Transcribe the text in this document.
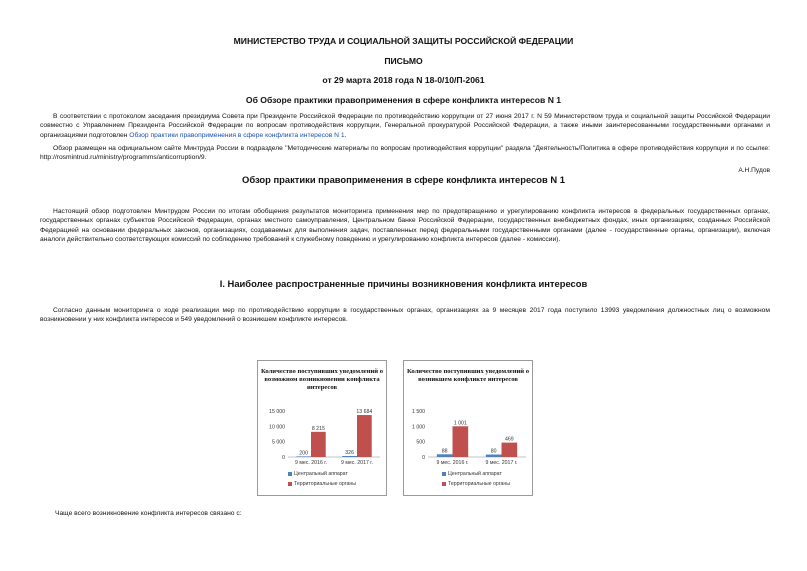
МИНИСТЕРСТВО ТРУДА И СОЦИАЛЬНОЙ ЗАЩИТЫ РОССИЙСКОЙ ФЕДЕРАЦИИ
ПИСЬМО
от 29 марта 2018 года N 18-0/10/П-2061
Об Обзоре практики правоприменения в сфере конфликта интересов N 1
В соответствии с протоколом заседания президиума Совета при Президенте Российской Федерации по противодействию коррупции от 27 июня 2017 г. N 59 Министерством труда и социальной защиты Российской Федерации совместно с Управлением Президента Российской Федерации по вопросам противодействия коррупции, Генеральной прокуратурой Российской Федерации, а также иными заинтересованными государственными органами и организациями подготовлен Обзор практики правоприменения в сфере конфликта интересов N 1.
Обзор размещен на официальном сайте Минтруда России в подразделе "Методические материалы по вопросам противодействия коррупции" раздела "Деятельность/Политика в сфере противодействия коррупции и по ссылке: http://rosmintrud.ru/ministry/programms/anticorruption/9.
А.Н.Пудов
Обзор практики правоприменения в сфере конфликта интересов N 1
Настоящий обзор подготовлен Минтрудом России по итогам обобщения результатов мониторинга применения мер по предотвращению и урегулированию конфликта интересов в федеральных государственных органах, государственных органах субъектов Российской Федерации, органах местного самоуправления, Центральном банке Российской Федерации, государственных внебюджетных фондах, иных организациях, созданных Российской Федерацией на основании федеральных законов, организациях, создаваемых для выполнения задач, поставленных перед федеральными государственными органами (далее - государственные органы, организации), включая аналоги действительно соответствующих комиссий по соблюдению требований к служебному поведению и урегулированию конфликта интересов (далее - комиссии).
I. Наиболее распространенные причины возникновения конфликта интересов
Согласно данным мониторинга о ходе реализации мер по противодействию коррупции в государственных органах, организациях за 9 месяцев 2017 года поступило 13993 уведомления должностных лиц о возможном возникновении у них конфликта интересов и 549 уведомлений о возникшем конфликте интересов.
Количество поступивших уведомлений о возможном возникновении конфликта интересов
0
5 000
10 000
15 000
200
8 215
9 мес. 2016 г.
326
13 684
9 мес. 2017 г.
Центральный аппарат
Территориальные органы
Количество поступивших уведомлений о возникшем конфликте интересов
0
500
1 000
1 500
88
1 001
9 мес. 2016 г.
80
469
9 мес. 2017 г.
Центральный аппарат
Территориальные органы
Чаще всего возникновение конфликта интересов связано с:
